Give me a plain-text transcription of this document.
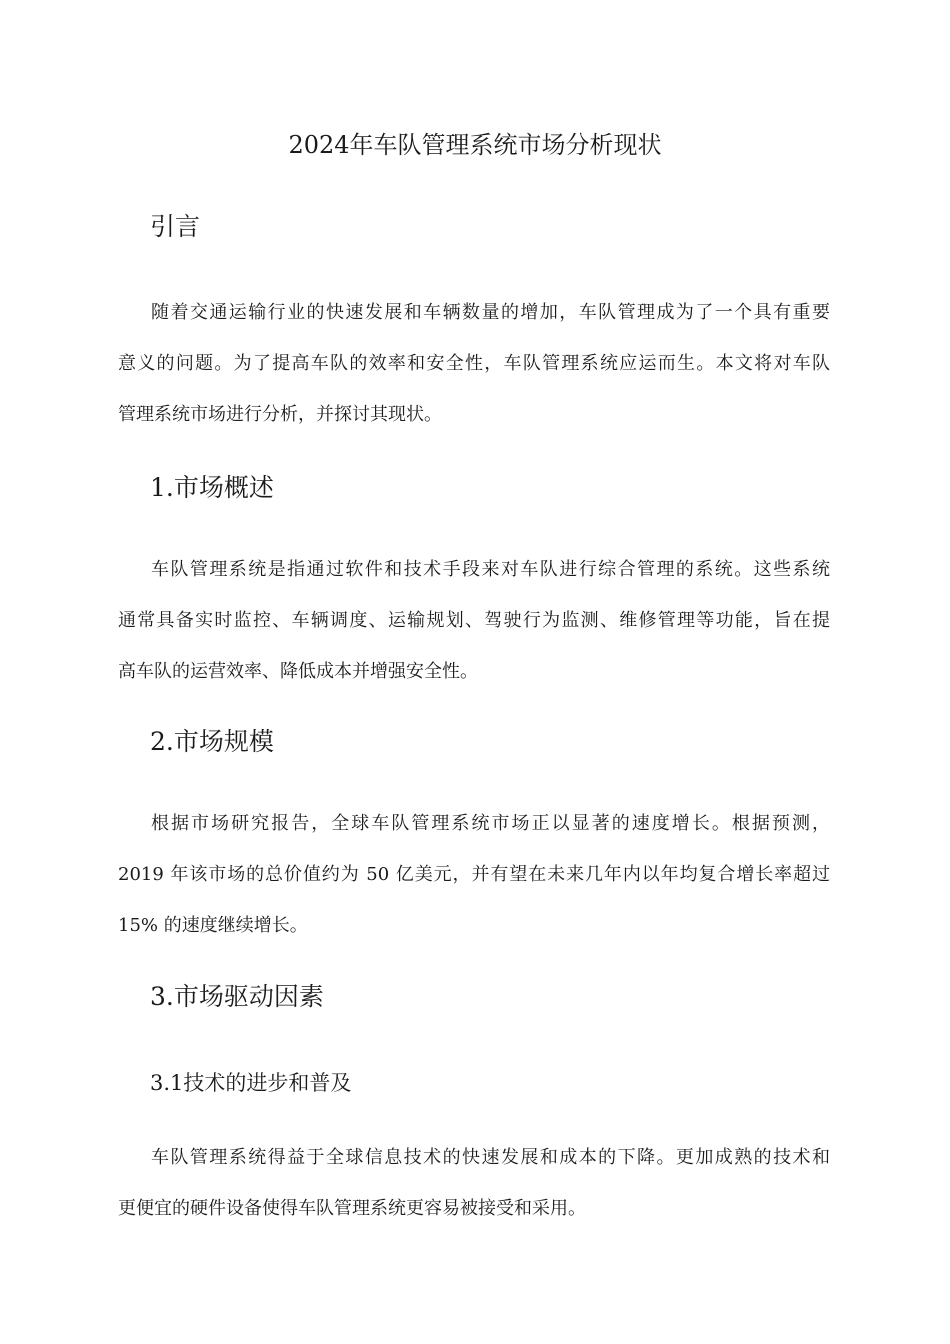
2024年车队管理系统市场分析现状
引言
随着交通运输行业的快速发展和车辆数量的增加，车队管理成为了一个具有重要
意义的问题。为了提高车队的效率和安全性，车队管理系统应运而生。本文将对车队
管理系统市场进行分析，并探讨其现状。
1.市场概述
车队管理系统是指通过软件和技术手段来对车队进行综合管理的系统。这些系统
通常具备实时监控、车辆调度、运输规划、驾驶行为监测、维修管理等功能，旨在提
高车队的运营效率、降低成本并增强安全性。
2.市场规模
根据市场研究报告，全球车队管理系统市场正以显著的速度增长。根据预测，
2019 年该市场的总价值约为 50 亿美元，并有望在未来几年内以年均复合增长率超过
15% 的速度继续增长。
3.市场驱动因素
3.1技术的进步和普及
车队管理系统得益于全球信息技术的快速发展和成本的下降。更加成熟的技术和
更便宜的硬件设备使得车队管理系统更容易被接受和采用。
